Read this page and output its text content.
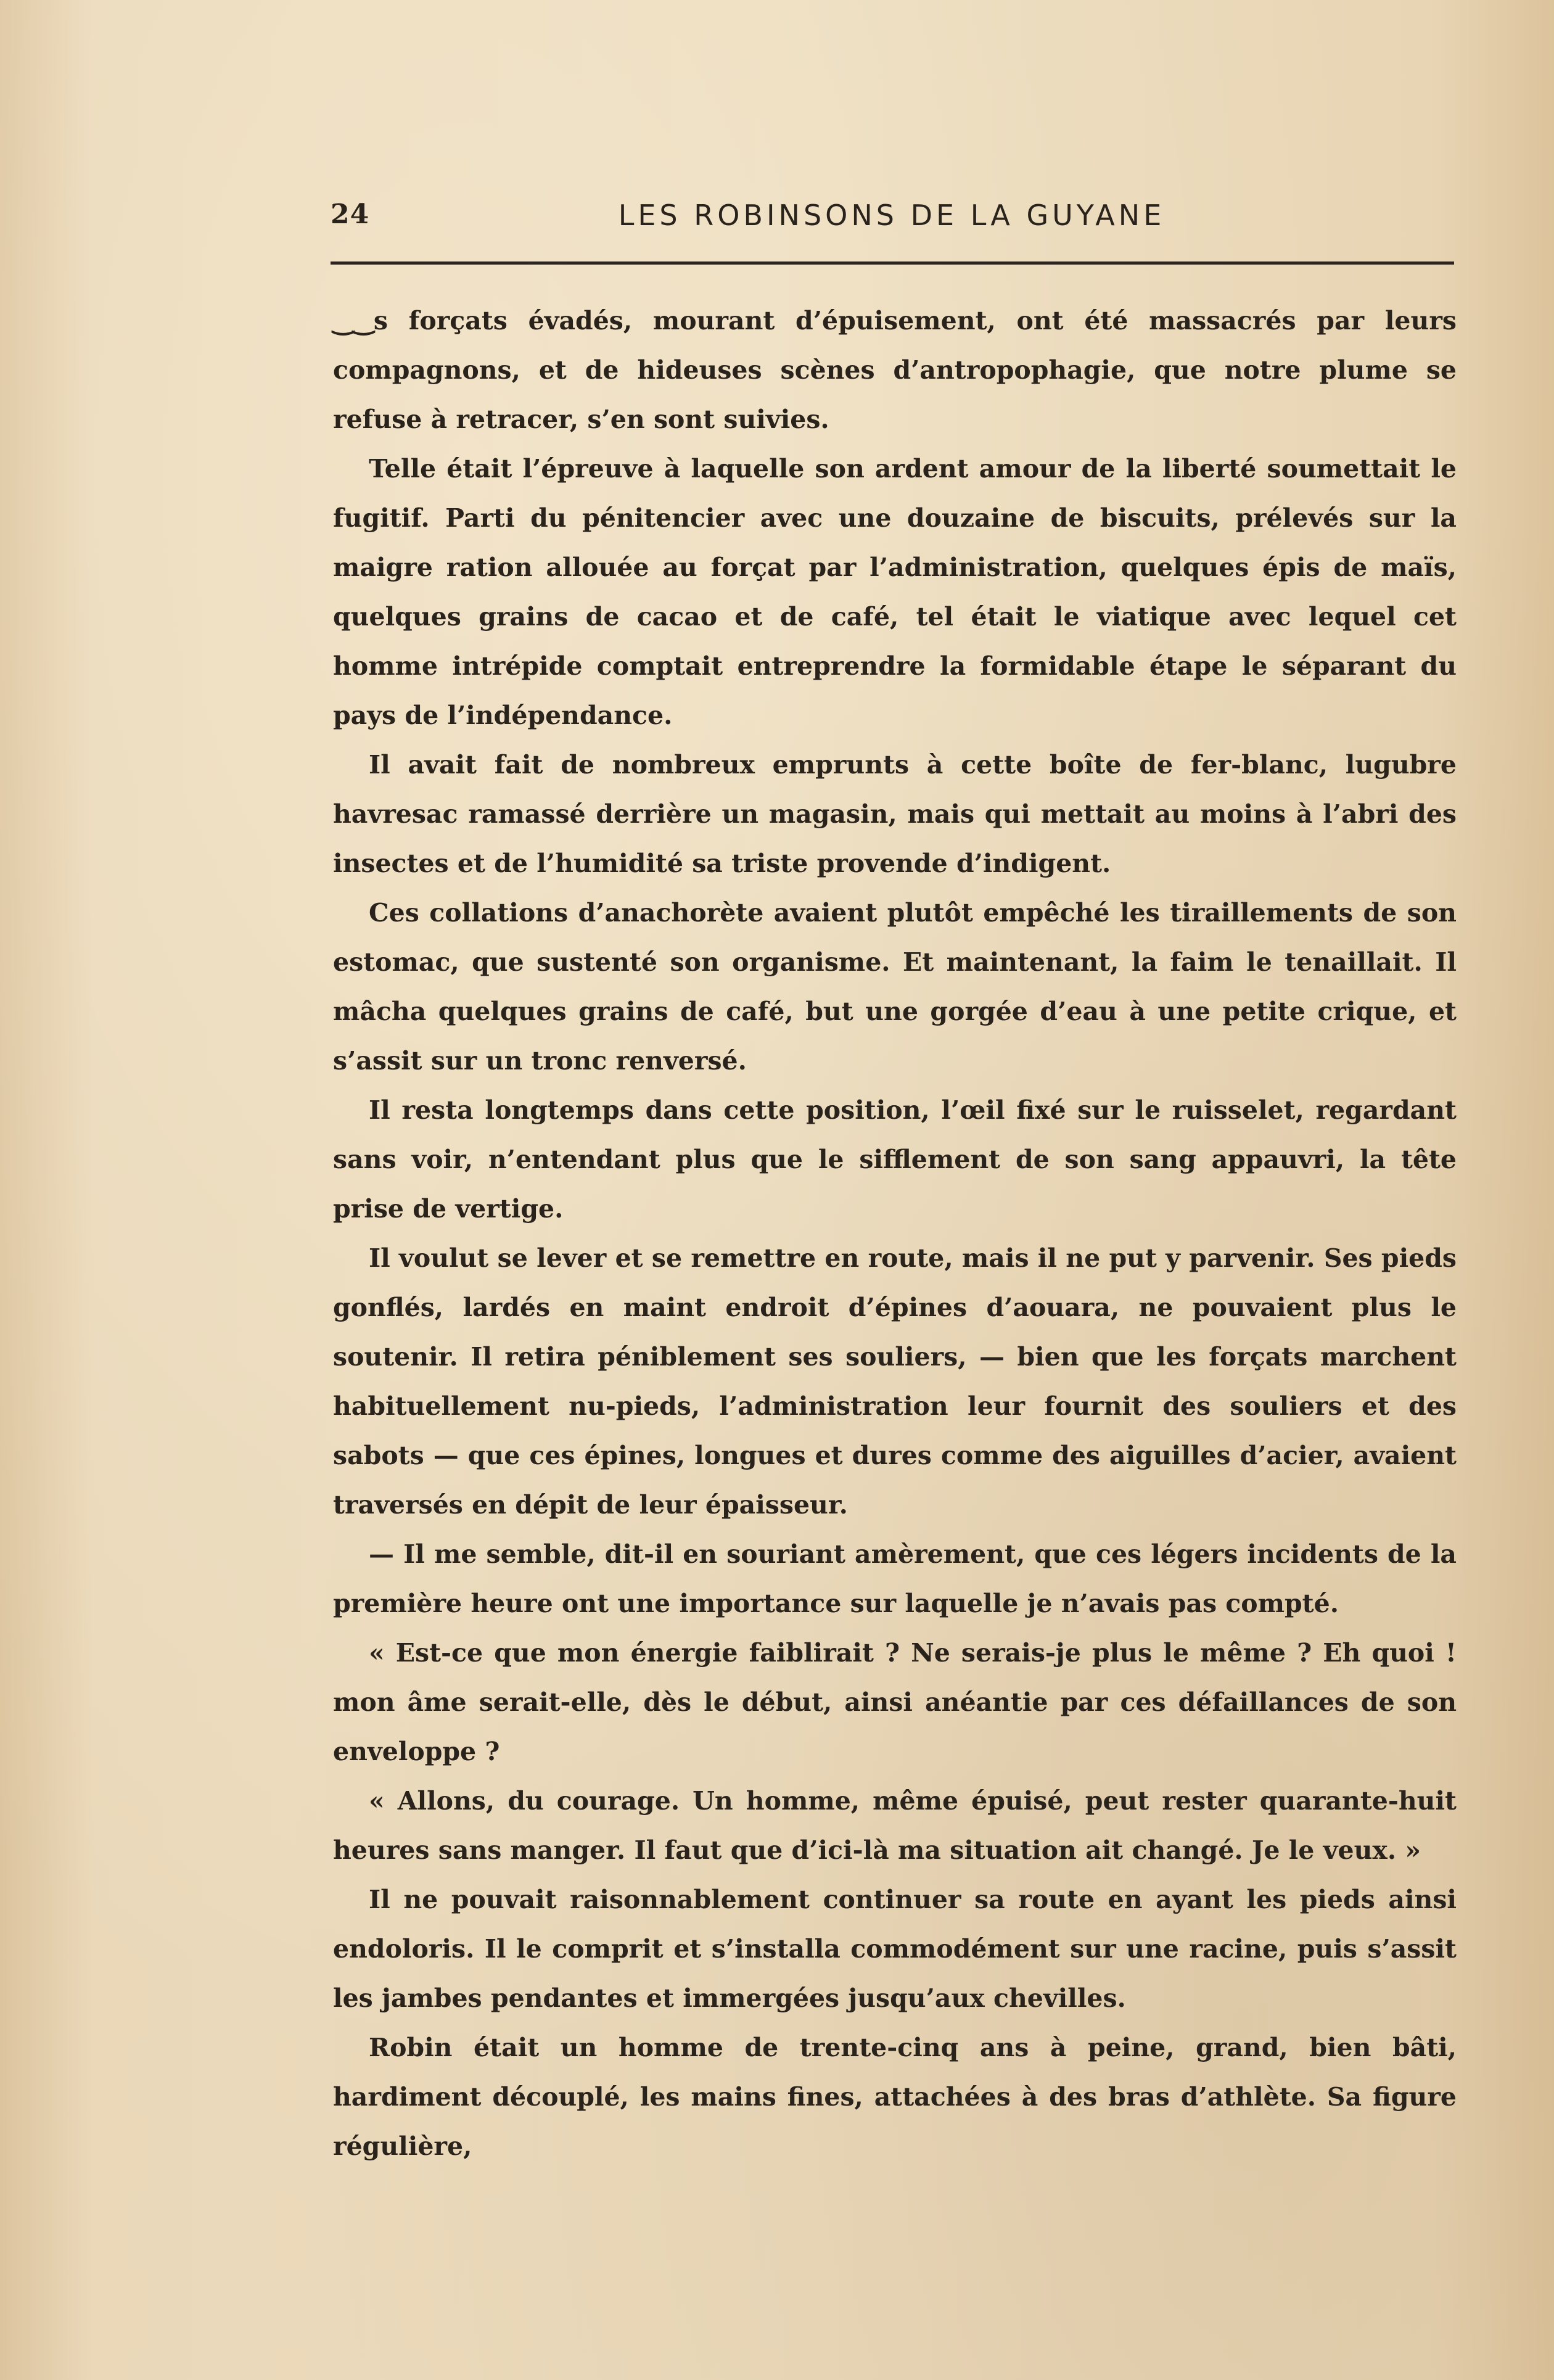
24	LES ROBINSONS DE LA GUYANE

‿‿s forçats évadés, mourant d’épuisement, ont été massacrés par leurs compagnons, et de hideuses scènes d’antropophagie, que notre plume se refuse à retracer, s’en sont suivies.

Telle était l’épreuve à laquelle son ardent amour de la liberté soumettait le fugitif. Parti du pénitencier avec une douzaine de biscuits, prélevés sur la maigre ration allouée au forçat par l’administration, quelques épis de maïs, quelques grains de cacao et de café, tel était le viatique avec lequel cet homme intrépide comptait entreprendre la formidable étape le séparant du pays de l’indépendance.

Il avait fait de nombreux emprunts à cette boîte de fer-blanc, lugubre havresac ramassé derrière un magasin, mais qui mettait au moins à l’abri des insectes et de l’humidité sa triste provende d’indigent.

Ces collations d’anachorète avaient plutôt empêché les tiraillements de son estomac, que sustenté son organisme. Et maintenant, la faim le tenaillait. Il mâcha quelques grains de café, but une gorgée d’eau à une petite crique, et s’assit sur un tronc renversé.

Il resta longtemps dans cette position, l’œil fixé sur le ruisselet, regardant sans voir, n’entendant plus que le sifflement de son sang appauvri, la tête prise de vertige.

Il voulut se lever et se remettre en route, mais il ne put y parvenir. Ses pieds gonflés, lardés en maint endroit d’épines d’aouara, ne pouvaient plus le soutenir. Il retira péniblement ses souliers, — bien que les forçats marchent habituellement nu-pieds, l’administration leur fournit des souliers et des sabots — que ces épines, longues et dures comme des aiguilles d’acier, avaient traversés en dépit de leur épaisseur.

— Il me semble, dit-il en souriant amèrement, que ces légers incidents de la première heure ont une importance sur laquelle je n’avais pas compté.

« Est-ce que mon énergie faiblirait ? Ne serais-je plus le même ? Eh quoi ! mon âme serait-elle, dès le début, ainsi anéantie par ces défaillances de son enveloppe ?

« Allons, du courage. Un homme, même épuisé, peut rester quarante-huit heures sans manger. Il faut que d’ici-là ma situation ait changé. Je le veux. »

Il ne pouvait raisonnablement continuer sa route en ayant les pieds ainsi endoloris. Il le comprit et s’installa commodément sur une racine, puis s’assit les jambes pendantes et immergées jusqu’aux chevilles.

Robin était un homme de trente-cinq ans à peine, grand, bien bâti, hardiment découplé, les mains fines, attachées à des bras d’athlète. Sa figure régulière,
